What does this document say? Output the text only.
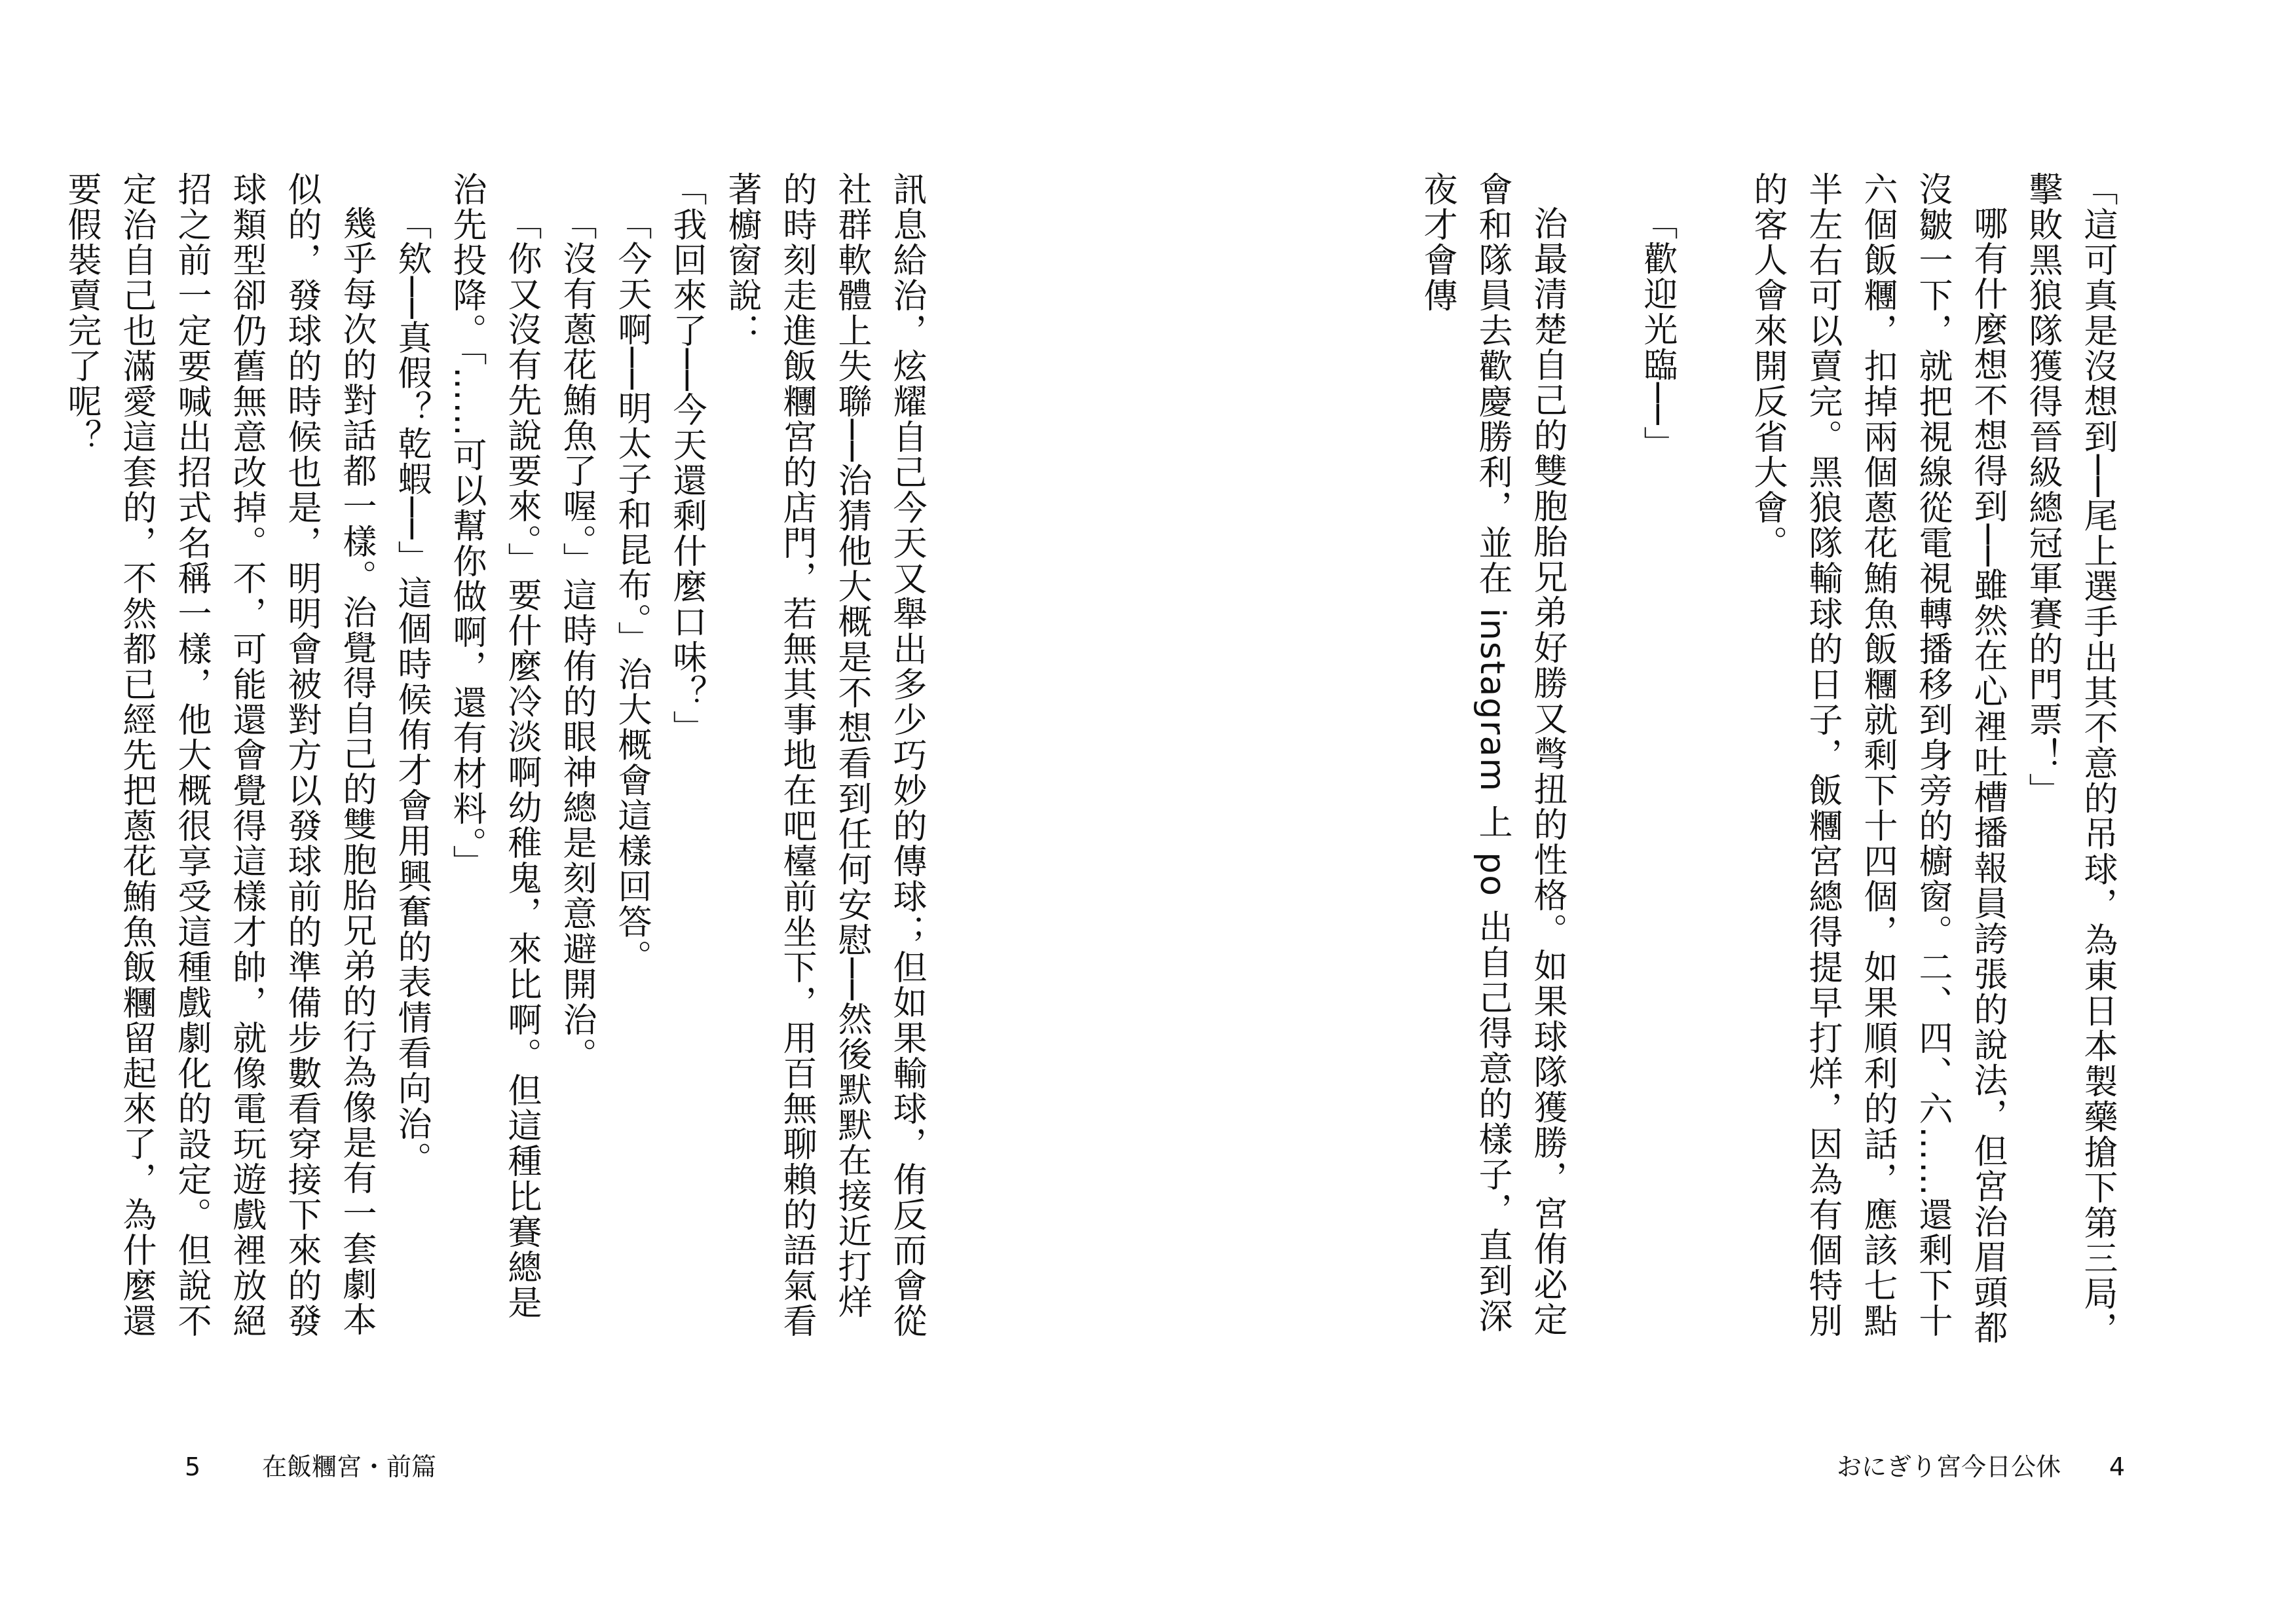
訊息給治，炫耀自己今天又舉出多少巧妙的傳球；但如果輸球，侑反而會從社群軟體上失聯──治猜他大概是不想看到任何安慰──然後默默在接近打烊的時刻走進飯糰宮的店門，若無其事地在吧檯前坐下，用百無聊賴的語氣看著櫥窗說：

「我回來了──今天還剩什麼口味？」

「今天啊──明太子和昆布。」治大概會這樣回答。

「沒有蔥花鮪魚了喔。」這時侑的眼神總是刻意避開治。

「你又沒有先說要來。」要什麼冷淡啊幼稚鬼，來比啊。但這種比賽總是治先投降。「……可以幫你做啊，還有材料。」

「欸──真假？乾蝦──」這個時候侑才會用興奮的表情看向治。

幾乎每次的對話都一樣。治覺得自己的雙胞胎兄弟的行為像是有一套劇本似的，發球的時候也是，明明會被對方以發球前的準備步數看穿接下來的發球類型卻仍舊無意改掉。不，可能還會覺得這樣才帥，就像電玩遊戲裡放絕招之前一定要喊出招式名稱一樣，他大概很享受這種戲劇化的設定。但說不定治自己也滿愛這套的，不然都已經先把蔥花鮪魚飯糰留起來了，為什麼還要假裝賣完了呢？

5 在飯糰宮・前篇

「這可真是沒想到──尾上選手出其不意的吊球，為東日本製藥搶下第三局，擊敗黑狼隊獲得晉級總冠軍賽的門票！」

哪有什麼想不想得到──雖然在心裡吐槽播報員誇張的說法，但宮治眉頭都沒皺一下，就把視線從電視轉播移到身旁的櫥窗。二、四、六……還剩下十六個飯糰，扣掉兩個蔥花鮪魚飯糰就剩下十四個，如果順利的話，應該七點半左右可以賣完。黑狼隊輸球的日子，飯糰宮總得提早打烊，因為有個特別的客人會來開反省大會。

「歡迎光臨──」

治最清楚自己的雙胞胎兄弟好勝又彆扭的性格。如果球隊獲勝，宮侑必定會和隊員去歡慶勝利，並在 instagram 上 po 出自己得意的樣子，直到深夜才會傳

おにぎり宮今日公休 4
